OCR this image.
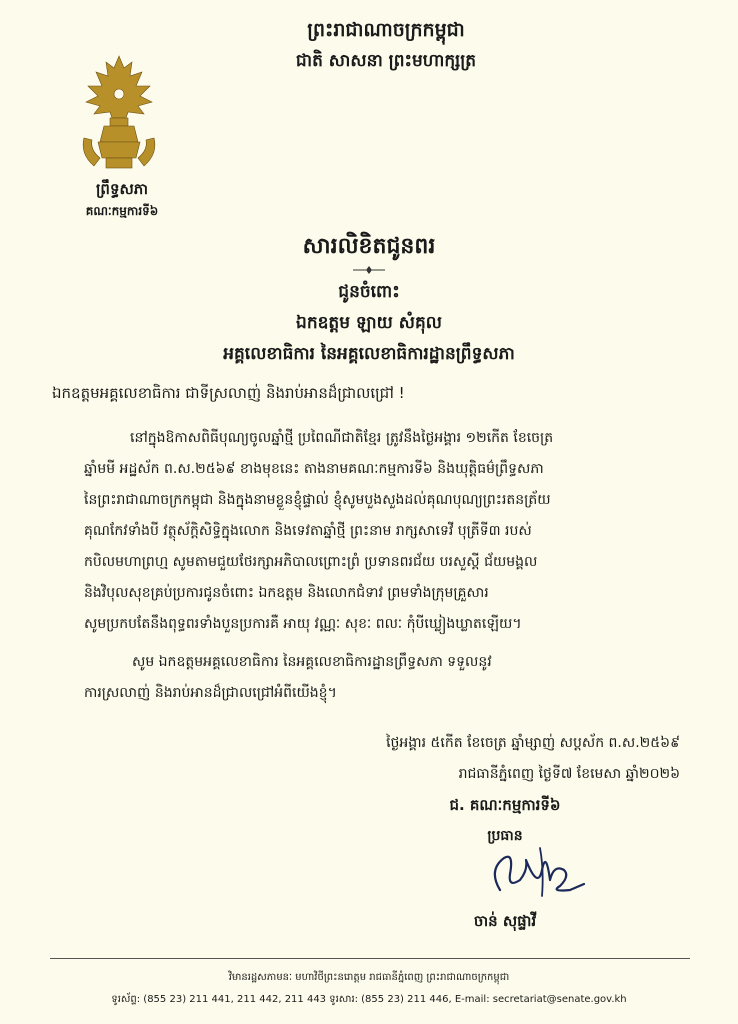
ព្រះរាជាណាចក្រកម្ពុជា
ជាតិ សាសនា ព្រះមហាក្សត្រ
ព្រឹទ្ធសភា
គណៈកម្មការទី៦
សារលិខិតជូនពរ
ជូនចំពោះ
ឯកឧត្តម ឡាយ សំគុល
អគ្គលេខាធិការ នៃអគ្គលេខាធិការដ្ឋានព្រឹទ្ធសភា
ឯកឧត្តមអគ្គលេខាធិការ ជាទីស្រលាញ់ និងរាប់អានដ៏ជ្រាលជ្រៅ !
នៅក្នុងឱកាសពិធីបុណ្យចូលឆ្នាំថ្មី ប្រពៃណីជាតិខ្មែរ ត្រូវនឹងថ្ងៃអង្គារ ១២កើត ខែចេត្រ
ឆ្នាំមមី អដ្ឋស័ក ព.ស.២៥៦៩ ខាងមុខនេះ តាងនាមគណៈកម្មការទី៦ និងឃុត្តិធម៌ព្រឹទ្ធសភា
នៃព្រះរាជាណាចក្រកម្ពុជា និងក្នុងនាមខ្លួនខ្ញុំផ្ទាល់ ខ្ញុំសូមបួងសួងដល់គុណបុណ្យព្រះរតនត្រ័យ
គុណកែវទាំងបី វត្ថុស័ក្តិសិទ្ធិក្នុងលោក និងទេវតាឆ្នាំថ្មី ព្រះនាម រាក្សសាទេវី បុត្រីទី៣ របស់
កបិលមហាព្រហ្ម សូមតាមជួយថែរក្សាអភិបាលព្រោះព្រំ ប្រទានពរជ័យ បរសួស្តី ជ័យមង្គល
និងវិបុលសុខគ្រប់ប្រការជូនចំពោះ ឯកឧត្តម និងលោកជំទាវ ព្រមទាំងក្រុមគ្រួសារ
សូមប្រកបតែនឹងពុទ្ធពរទាំងបួនប្រការគឺ អាយុ វណ្ណៈ សុខៈ ពលៈ កុំបីឃ្លៀងឃ្លាតឡើយ។
សូម ឯកឧត្តមអគ្គលេខាធិការ នៃអគ្គលេខាធិការដ្ឋានព្រឹទ្ធសភា ទទួលនូវ
ការស្រលាញ់ និងរាប់អានដ៏ជ្រាលជ្រៅអំពីយើងខ្ញុំ។
ថ្ងៃអង្គារ ៥កើត ខែចេត្រ ឆ្នាំម្សាញ់ សប្តស័ក ព.ស.២៥៦៩
រាជធានីភ្នំពេញ ថ្ងៃទី៧ ខែមេសា ឆ្នាំ២០២៦
ជ. គណៈកម្មការទី៦
ប្រធាន
ចាន់ សុផ្ទាវី
វិមានរដ្ឋសភាមនៈ មហាវិថីព្រះនរោត្តម រាជធានីភ្នំពេញ ព្រះរាជាណាចក្រកម្ពុជា
ទូរស័ព្ទ: (855 23) 211 441, 211 442, 211 443 ទូរសារ: (855 23) 211 446, E-mail: secretariat@senate.gov.kh
